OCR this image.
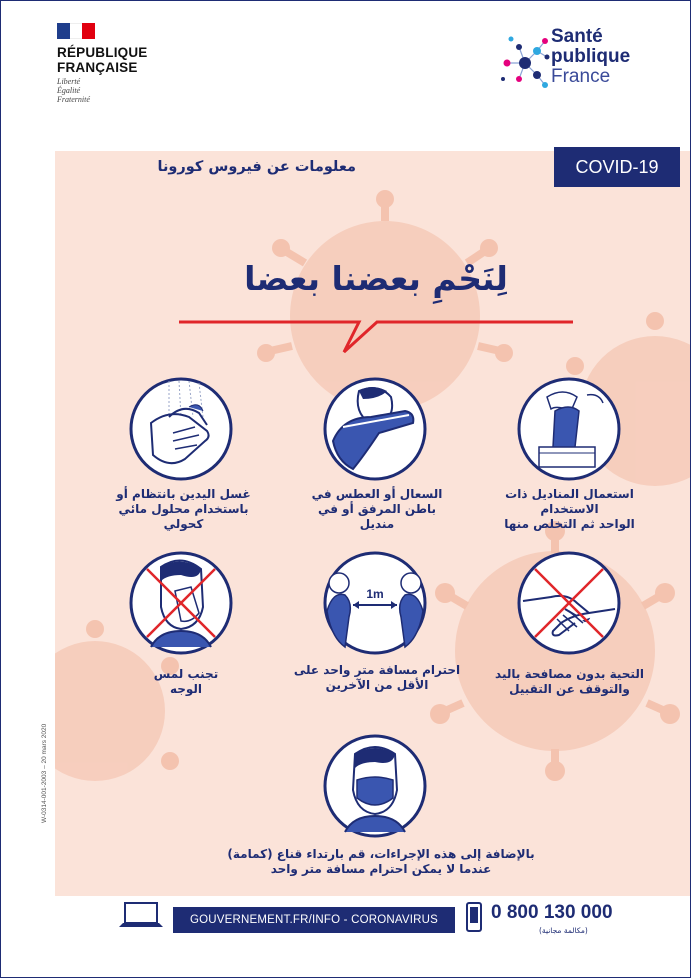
RÉPUBLIQUE
FRANÇAISE
Liberté
Égalité
Fraternité
Santé
publique
France
معلومات عن فيروس كورونا	COVID-19
لِنَحْمِ بعضنا بعضا
غسل اليدين بانتظام أو
باستخدام محلول مائي كحولي
السعال أو العطس في
باطن المرفق أو في
منديل
استعمال المناديل ذات الاستخدام
الواحد ثم التخلص منها
1m
تجنب لمس
الوجه
احترام مسافة متر واحد على
الأقل من الآخرين
التحية بدون مصافحة باليد
والتوقف عن التقبيل
بالإضافة إلى هذه الإجراءات، قم بارتداء قناع (كمامة)
عندما لا يمكن احترام مسافة متر واحد
GOUVERNEMENT.FR/INFO - CORONAVIRUS	0 800 130 000
(مكالمة مجانية)
W-0314-001-2003 – 20 mars 2020
